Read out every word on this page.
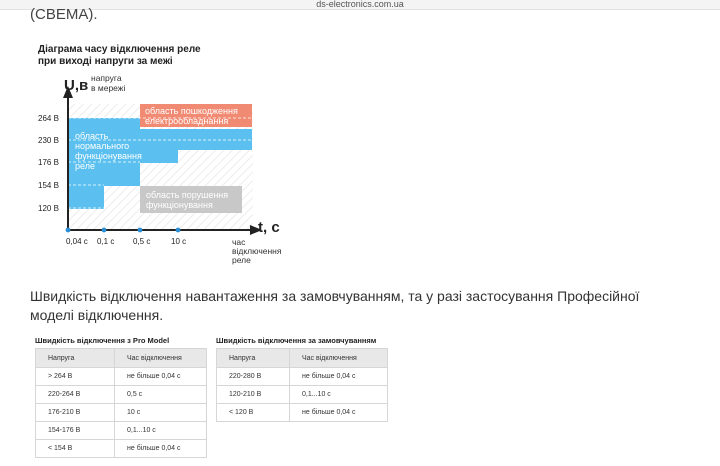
ds-electronics.com.ua
(СВЕМА).
Діаграма часу відключення реле
при виході напруги за межі
область пошкодження
електрообладнання
область
нормального
функціонування
реле
область порушення
функціонування
U,в напруга
в мережі
t, с
час
відключення
реле
264 В
230 В
176 В
154 В
120 В
0,04 с 0,1 с 0,5 с	10 с
Швидкість відключення навантаження за замовчуванням, та у разі застосування Професійної моделі відключення.
Швидкість відключення з Pro Model
Напруга	Час відключення
> 264 В	не більше 0,04 с
220-264 В	0,5 с
176-210 В	10 с
154-176 В	0,1...10 с
< 154 В	не більше 0,04 с
Швидкість відключення за замовчуванням
Напруга	Час відключення
220-280 В	не більше 0,04 с
120-210 В	0,1...10 с
< 120 В	не більше 0,04 с
